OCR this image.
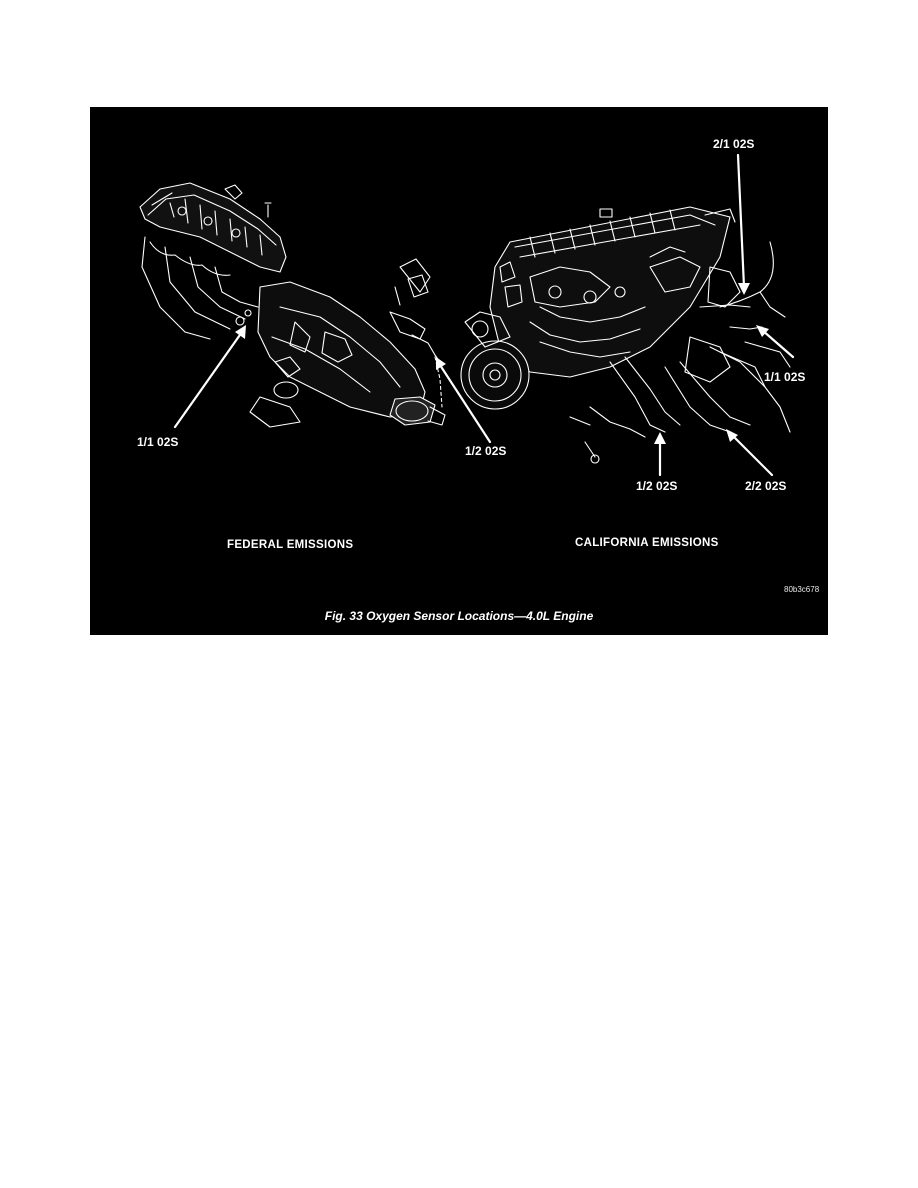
1/1 02S
1/2 02S
2/1 02S
1/1 02S
1/2 02S	2/2 02S
FEDERAL EMISSIONS	CALIFORNIA EMISSIONS
80b3c678
Fig. 33 Oxygen Sensor Locations—4.0L Engine
